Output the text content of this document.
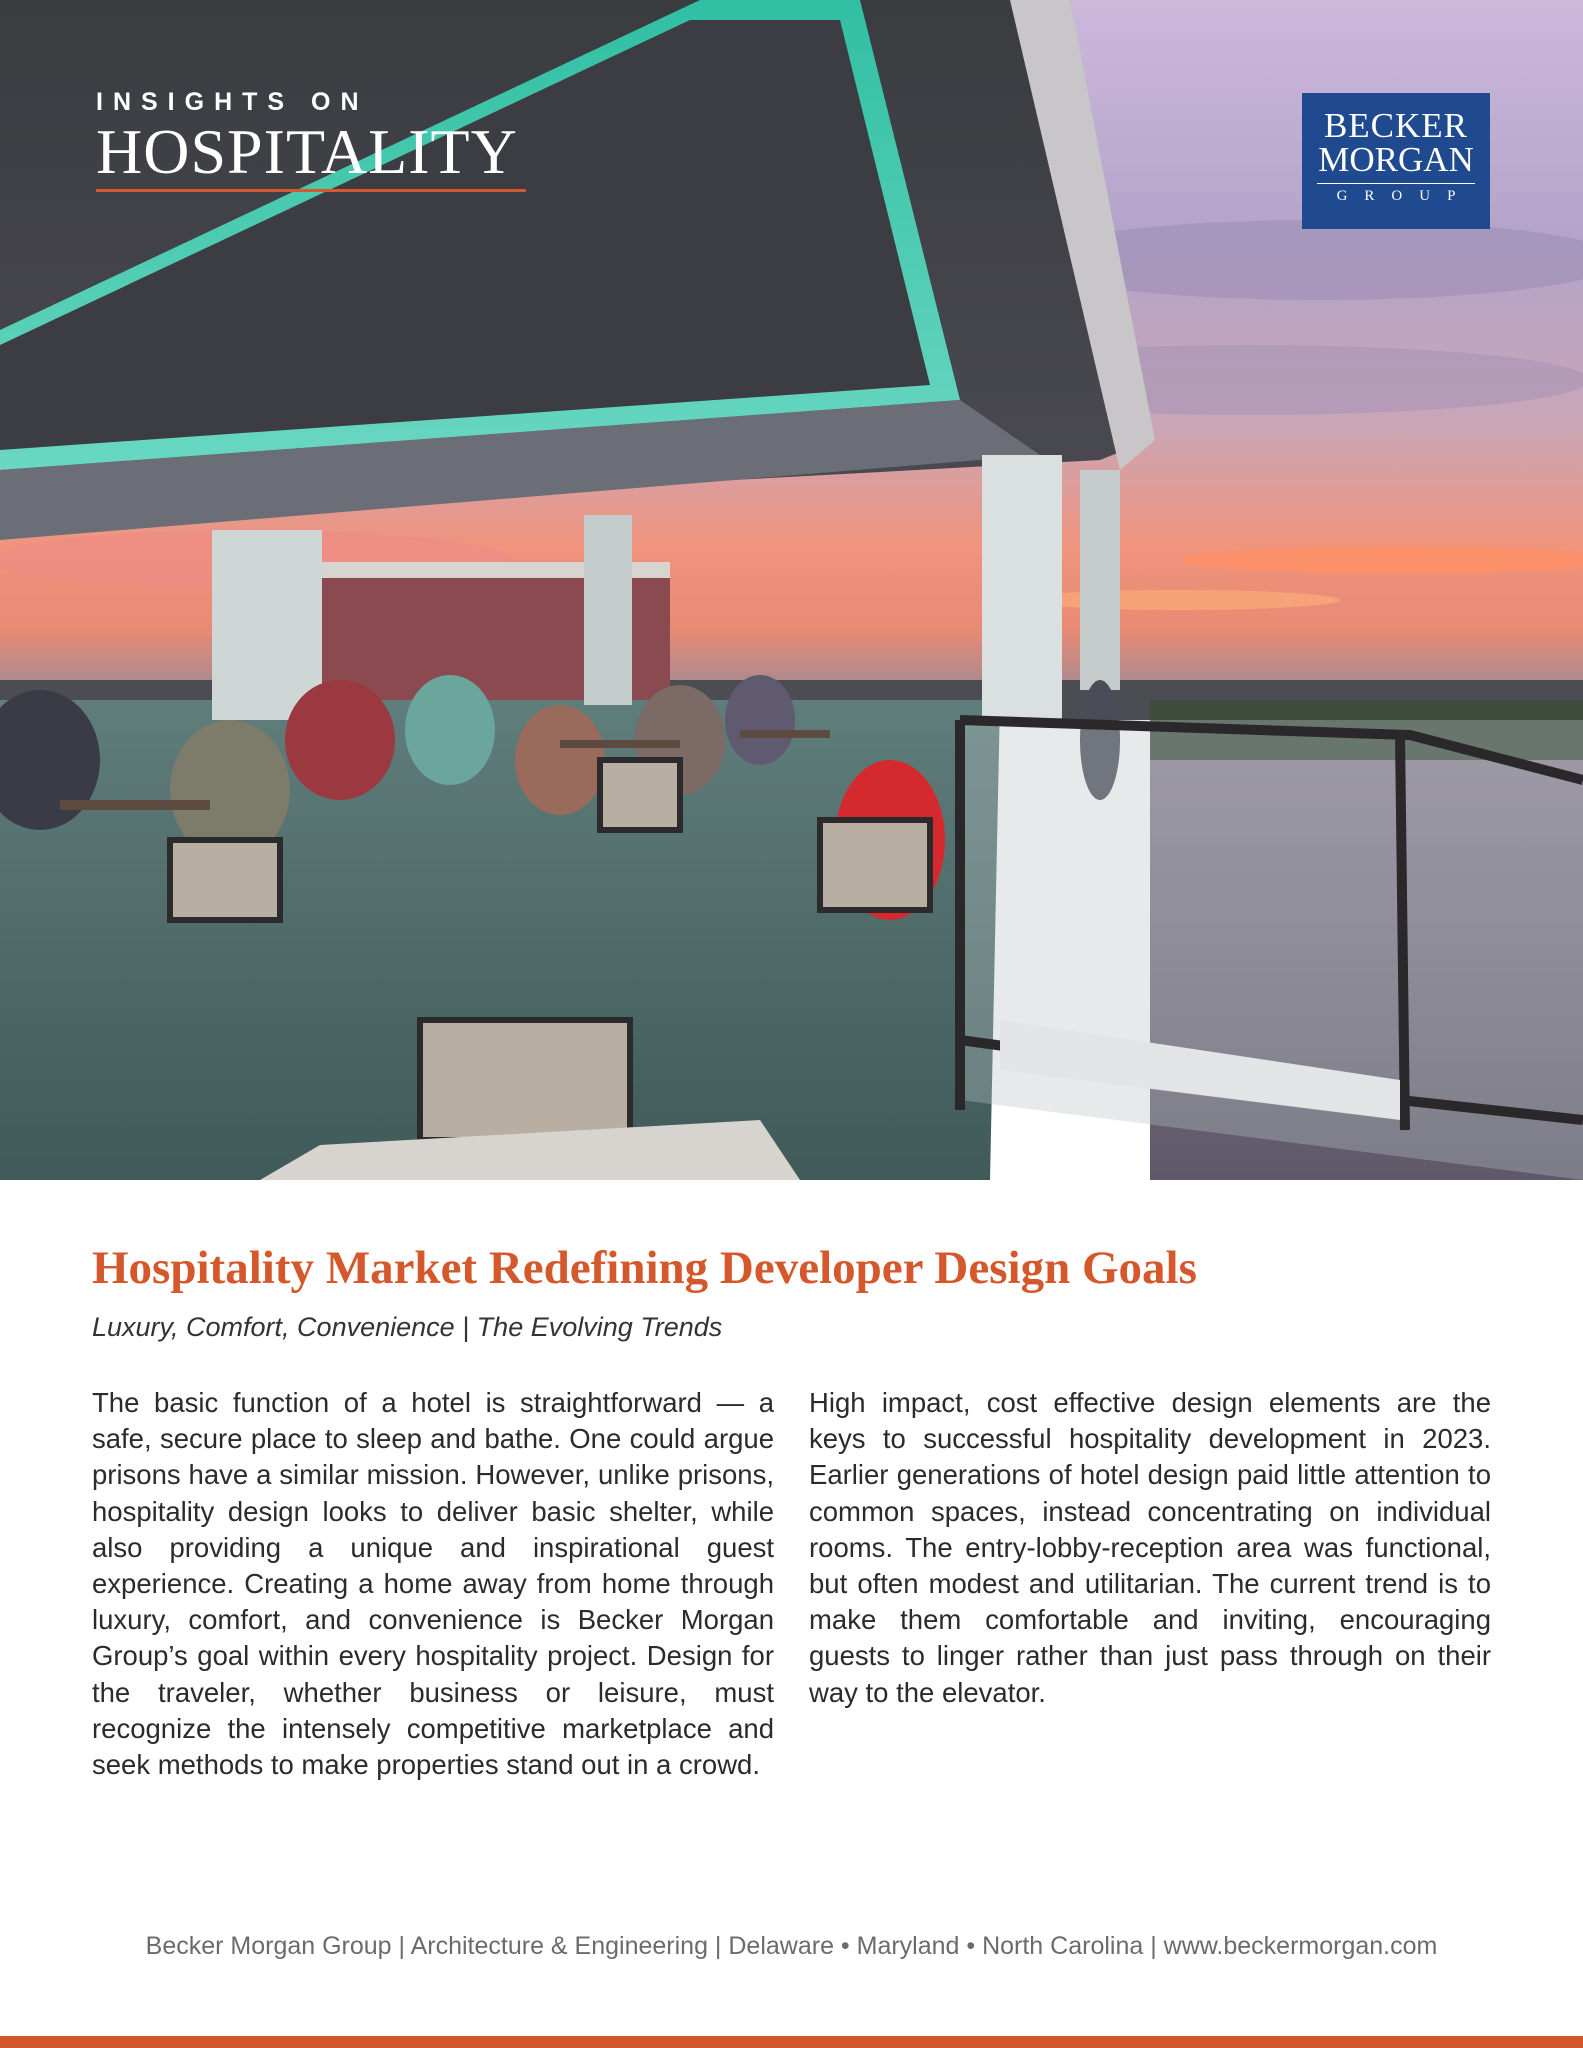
INSIGHTS ON
HOSPITALITY	BECKER
MORGAN
GROUP
Hospitality Market Redefining Developer Design Goals
Luxury, Comfort, Convenience | The Evolving Trends

The basic function of a hotel is straightforward — a safe, secure place to sleep and bathe. One could argue prisons have a similar mission. However, unlike prisons, hospitality design looks to deliver basic shelter, while also providing a unique and inspirational guest experience. Creating a home away from home through luxury, comfort, and convenience is Becker Morgan Group’s goal within every hospitality project. Design for the traveler, whether business or leisure, must recognize the intensely competitive marketplace and seek methods to make properties stand out in a crowd.

High impact, cost effective design elements are the keys to successful hospitality development in 2023. Earlier generations of hotel design paid little attention to common spaces, instead concentrating on individual rooms. The entry-lobby-reception area was functional, but often modest and utilitarian. The current trend is to make them comfortable and inviting, encouraging guests to linger rather than just pass through on their way to the elevator.

Becker Morgan Group | Architecture & Engineering | Delaware • Maryland • North Carolina | www.beckermorgan.com
